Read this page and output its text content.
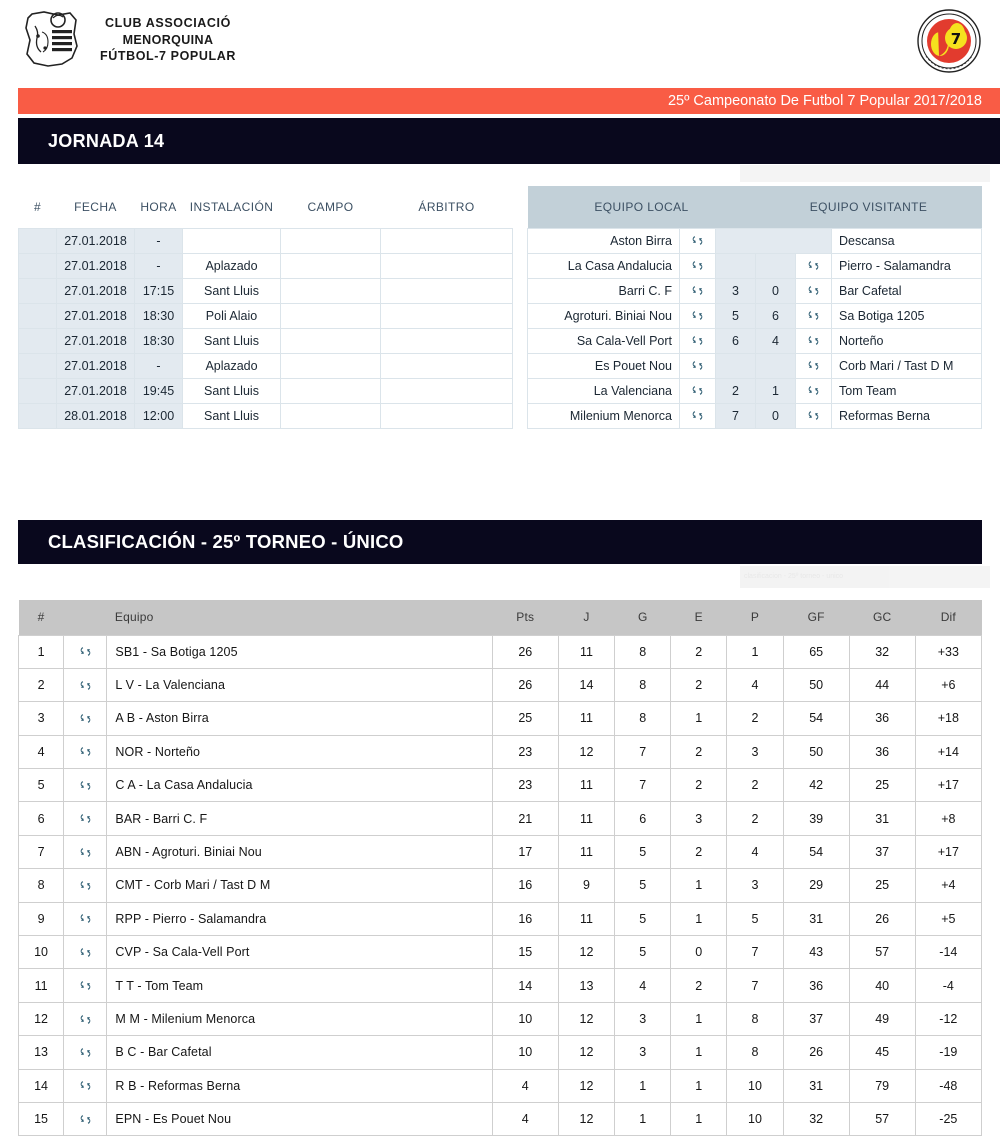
CLUB ASSOCIACIÓ
MENORQUINA
FÚTBOL-7 POPULAR
7
25º Campeonato De Futbol 7 Popular 2017/2018
JORNADA 14
#	FECHA	HORA	INSTALACIÓN	CAMPO	ÁRBITRO		EQUIPO LOCAL			EQUIPO VISITANTE		
	27.01.2018	-					Aston Birra					Descansa
	27.01.2018	-	Aplazado				La Casa Andalucia					Pierro - Salamandra
	27.01.2018	17:15	Sant Lluis				Barri C. F		3	0		Bar Cafetal
	27.01.2018	18:30	Poli Alaio				Agroturi. Biniai Nou		5	6		Sa Botiga 1205
	27.01.2018	18:30	Sant Lluis				Sa Cala-Vell Port		6	4		Norteño
	27.01.2018	-	Aplazado				Es Pouet Nou					Corb Mari / Tast D M
	27.01.2018	19:45	Sant Lluis				La Valenciana		2	1		Tom Team
	28.01.2018	12:00	Sant Lluis				Milenium Menorca		7	0		Reformas Berna
CLASIFICACIÓN - 25º TORNEO - ÚNICO
clasificacion - 25º torneo - unico
#		Equipo	Pts	J	G	E	P	GF	GC	Dif
1		SB1 - Sa Botiga 1205	26	11	8	2	1	65	32	+33
2		L V - La Valenciana	26	14	8	2	4	50	44	+6
3		A B - Aston Birra	25	11	8	1	2	54	36	+18
4		NOR - Norteño	23	12	7	2	3	50	36	+14
5		C A - La Casa Andalucia	23	11	7	2	2	42	25	+17
6		BAR - Barri C. F	21	11	6	3	2	39	31	+8
7		ABN - Agroturi. Biniai Nou	17	11	5	2	4	54	37	+17
8		CMT - Corb Mari / Tast D M	16	9	5	1	3	29	25	+4
9		RPP - Pierro - Salamandra	16	11	5	1	5	31	26	+5
10		CVP - Sa Cala-Vell Port	15	12	5	0	7	43	57	-14
11		T T - Tom Team	14	13	4	2	7	36	40	-4
12		M M - Milenium Menorca	10	12	3	1	8	37	49	-12
13		B C - Bar Cafetal	10	12	3	1	8	26	45	-19
14		R B - Reformas Berna	4	12	1	1	10	31	79	-48
15		EPN - Es Pouet Nou	4	12	1	1	10	32	57	-25
